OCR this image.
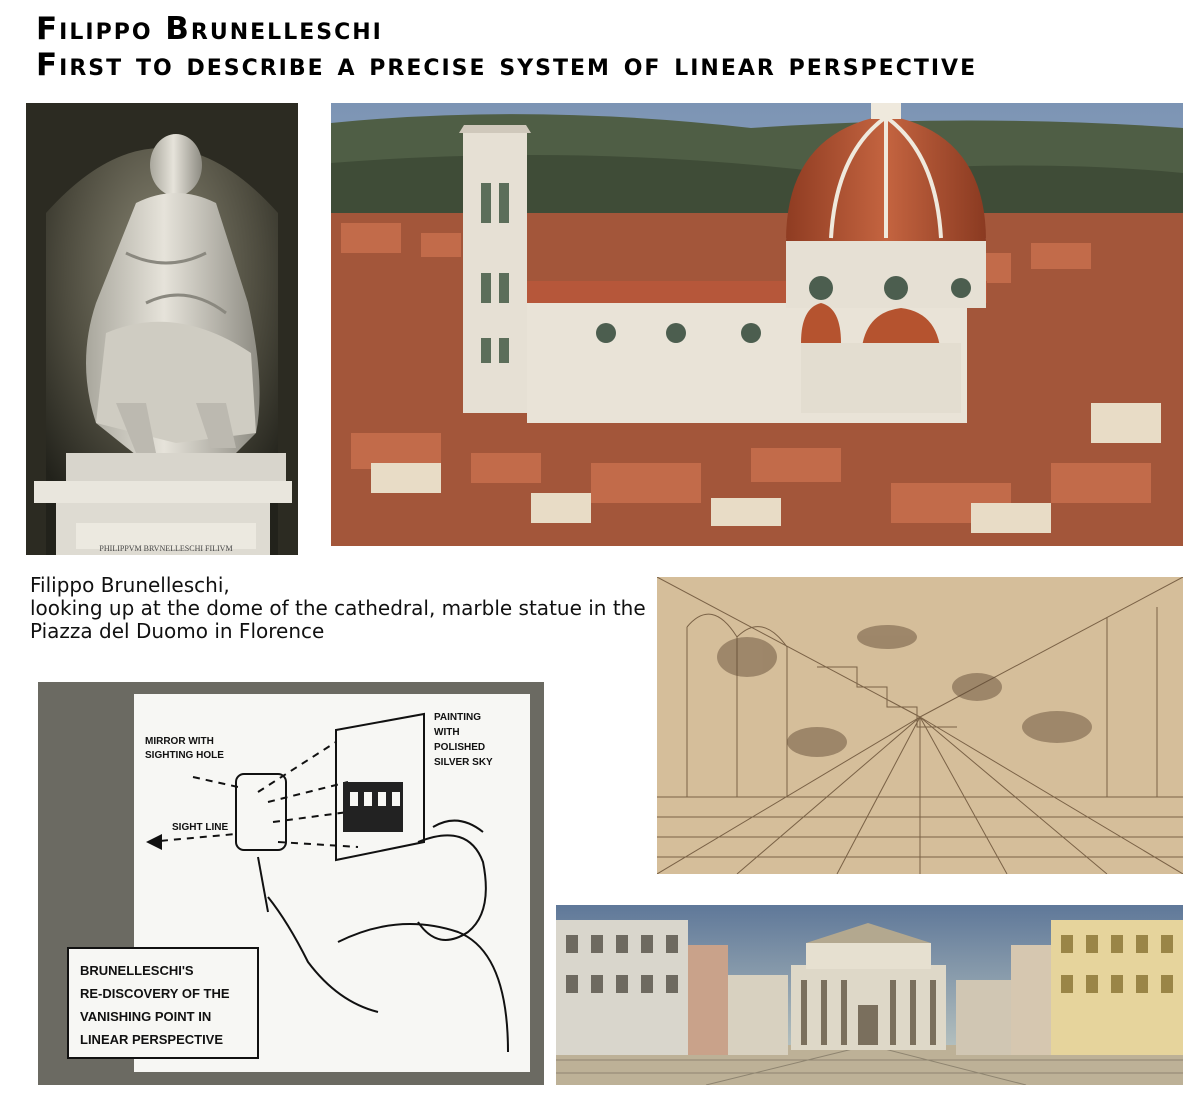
Filippo Brunelleschi
First to describe a precise system of linear perspective
PHILIPPVM BRVNELLESCHI FILIVM
Filippo Brunelleschi,
looking up at the dome of the cathedral, marble statue in the
Piazza del Duomo in Florence
MIRROR WITH
SIGHTING HOLE
PAINTING
WITH
POLISHED
SILVER SKY
SIGHT LINE
BRUNELLESCHI'S
RE-DISCOVERY OF THE
VANISHING POINT IN
LINEAR PERSPECTIVE
